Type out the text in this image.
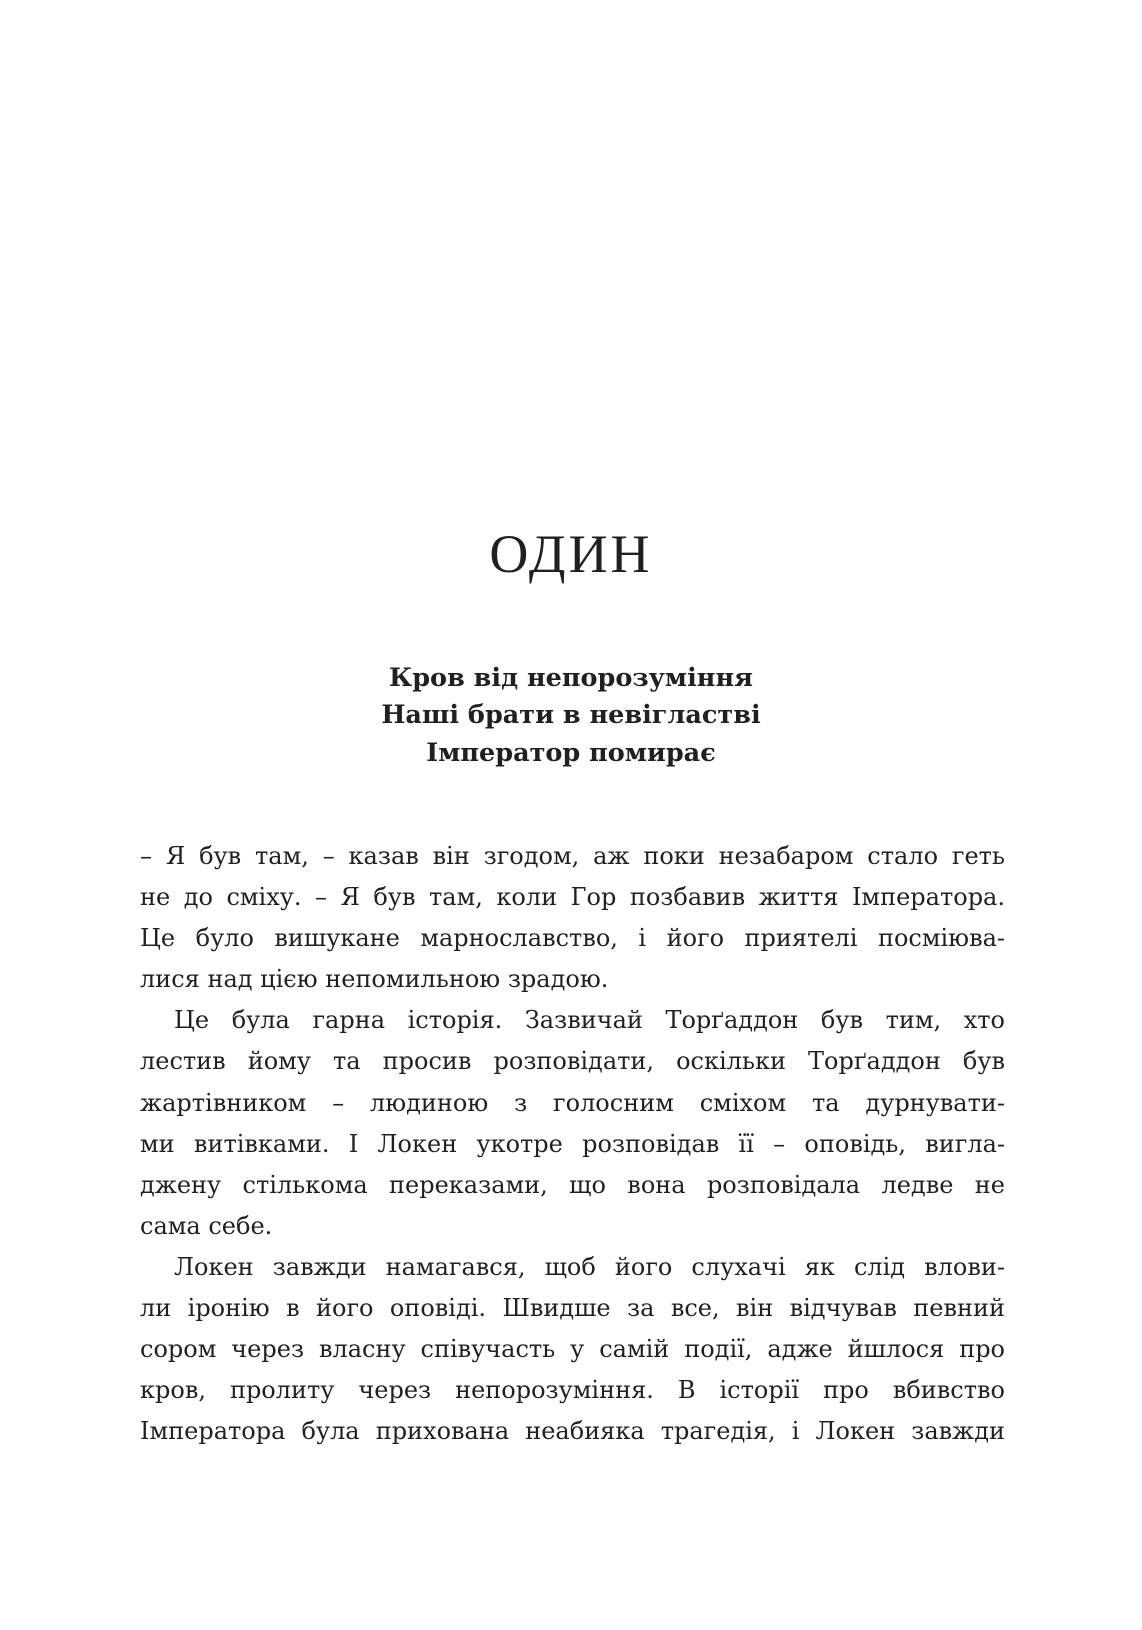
ОДИН
Кров від непорозуміння
Наші брати в невігластві
Імператор помирає

– Я був там, – казав він згодом, аж поки незабаром стало геть
не до сміху. – Я був там, коли Гор позбавив життя Імператора.
Це було вишукане марнославство, і його приятелі посміюва-
лися над цією непомильною зрадою.

Це була гарна історія. Зазвичай Торґаддон був тим, хто
лестив йому та просив розповідати, оскільки Торґаддон був
жартівником – людиною з голосним сміхом та дурнувати-
ми витівками. І Локен укотре розповідав її – оповідь, вигла-
джену стількома переказами, що вона розповідала ледве не
сама себе.

Локен завжди намагався, щоб його слухачі як слід влови-
ли іронію в його оповіді. Швидше за все, він відчував певний
сором через власну співучасть у самій події, адже йшлося про
кров, пролиту через непорозуміння. В історії про вбивство
Імператора була прихована неабияка трагедія, і Локен завжди
